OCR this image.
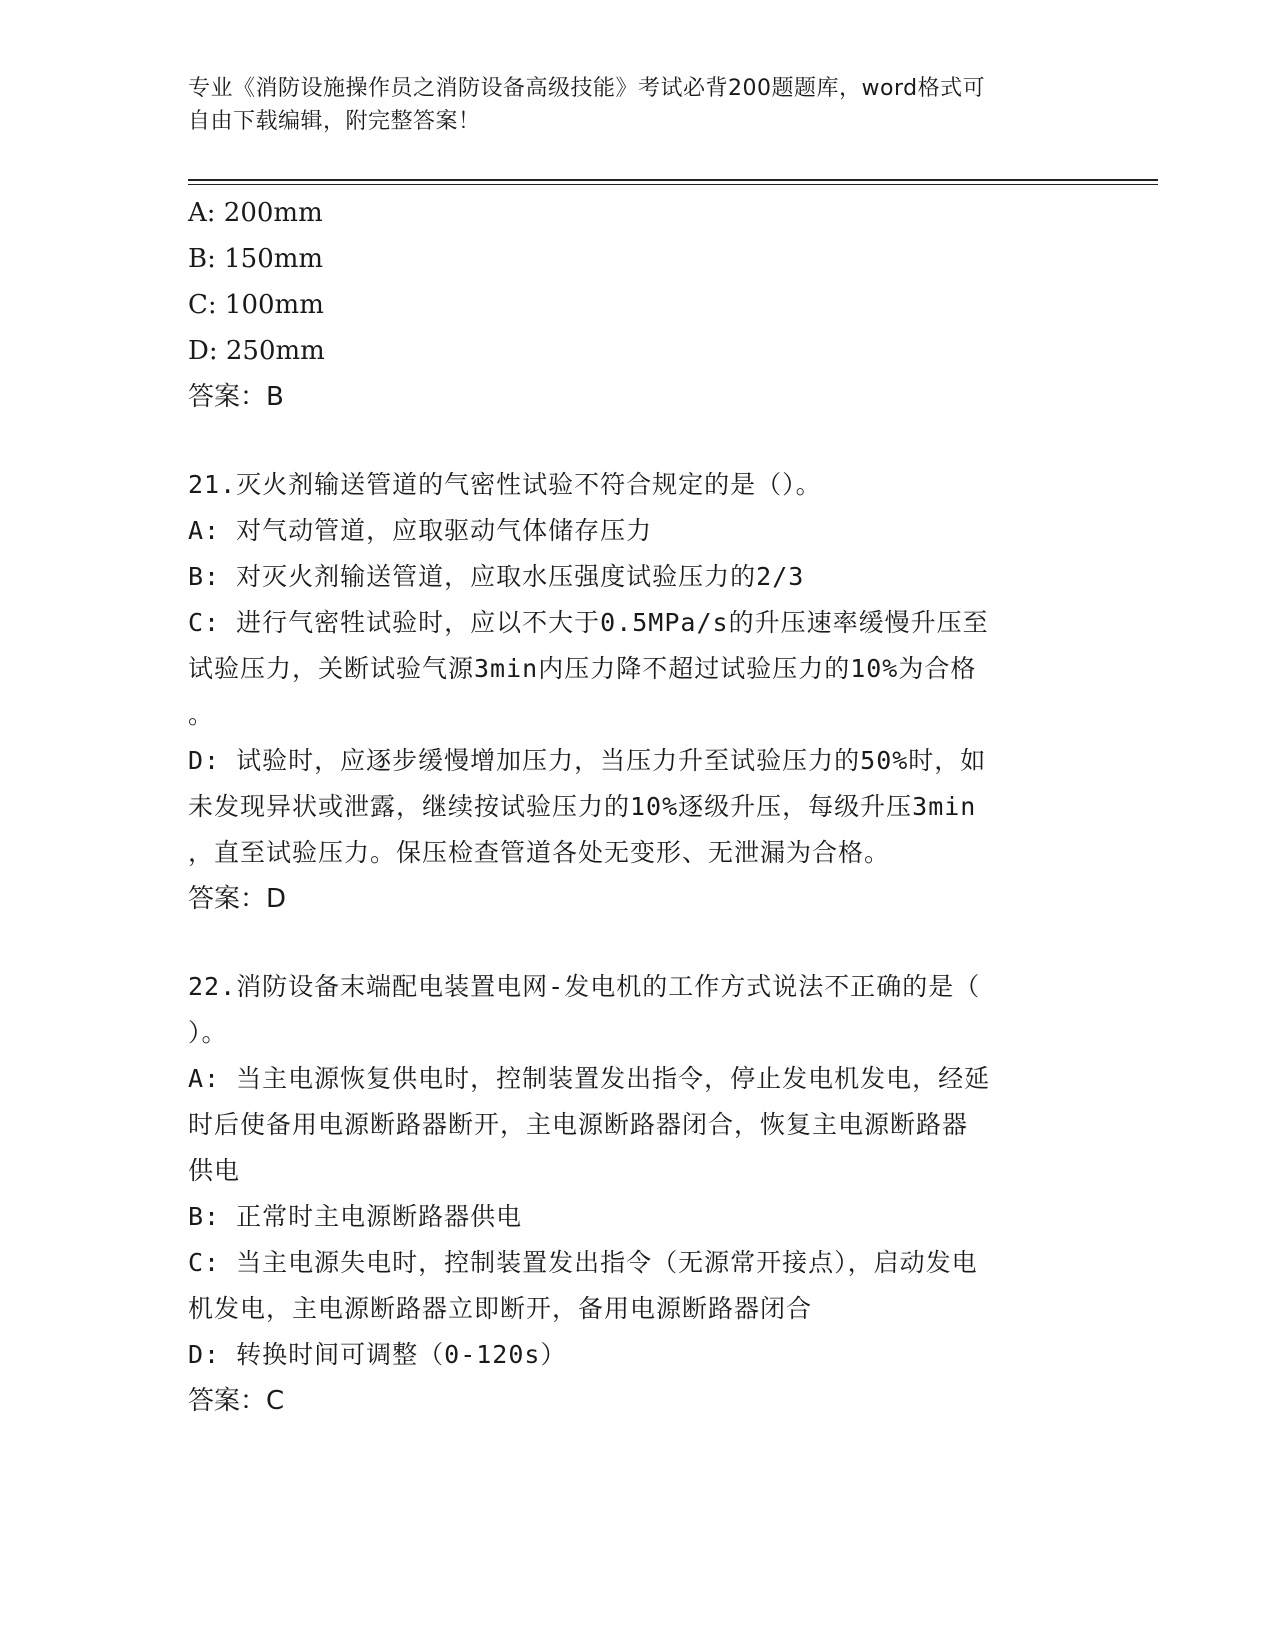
专业《消防设施操作员之消防设备高级技能》考试必背200题题库，word格式可
自由下载编辑，附完整答案！
A: 200mm
B: 150mm
C: 100mm
D: 250mm
答案：B
21.灭火剂输送管道的气密性试验不符合规定的是（）。
A: 对气动管道，应取驱动气体储存压力
B: 对灭火剂输送管道，应取水压强度试验压力的2/3
C: 进行气密牲试验时，应以不大于0.5MPa/s的升压速率缓慢升压至
试验压力，关断试验气源3min内压力降不超过试验压力的10%为合格
。
D: 试验时，应逐步缓慢增加压力，当压力升至试验压力的50%时，如
未发现异状或泄露，继续按试验压力的10%逐级升压，每级升压3min
，直至试验压力。保压检查管道各处无变形、无泄漏为合格。
答案：D
22.消防设备末端配电装置电网-发电机的工作方式说法不正确的是（
）。
A: 当主电源恢复供电时，控制装置发出指令，停止发电机发电，经延
时后使备用电源断路器断开，主电源断路器闭合，恢复主电源断路器
供电
B: 正常时主电源断路器供电
C: 当主电源失电时，控制装置发出指令（无源常开接点），启动发电
机发电，主电源断路器立即断开，备用电源断路器闭合
D: 转换时间可调整（0-120s）
答案：C
